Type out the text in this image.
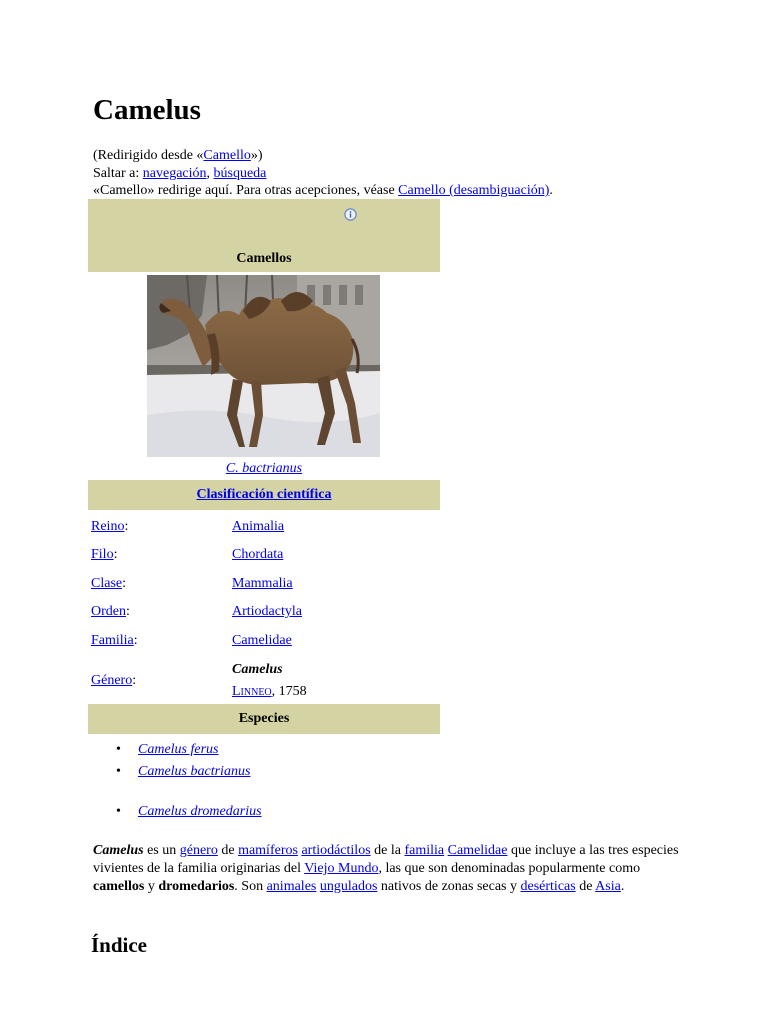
Camelus
(Redirigido desde «Camello»)
Saltar a: navegación, búsqueda
«Camello» redirige aquí. Para otras acepciones, véase Camello (desambiguación).
Camellos
C. bactrianus
Clasificación científica
Reino:	Animalia
Filo:	Chordata
Clase:	Mammalia
Orden:	Artiodactyla
Familia:	Camelidae
Género:
Camelus
Linneo, 1758
Especies
• Camelus ferus
• Camelus bactrianus
• Camelus dromedarius

Camelus es un género de mamíferos artiodáctilos de la familia Camelidae que incluye a las tres especies vivientes de la familia originarias del Viejo Mundo, las que son denominadas popularmente como camellos y dromedarios. Son animales ungulados nativos de zonas secas y desérticas de Asia.

Índice
